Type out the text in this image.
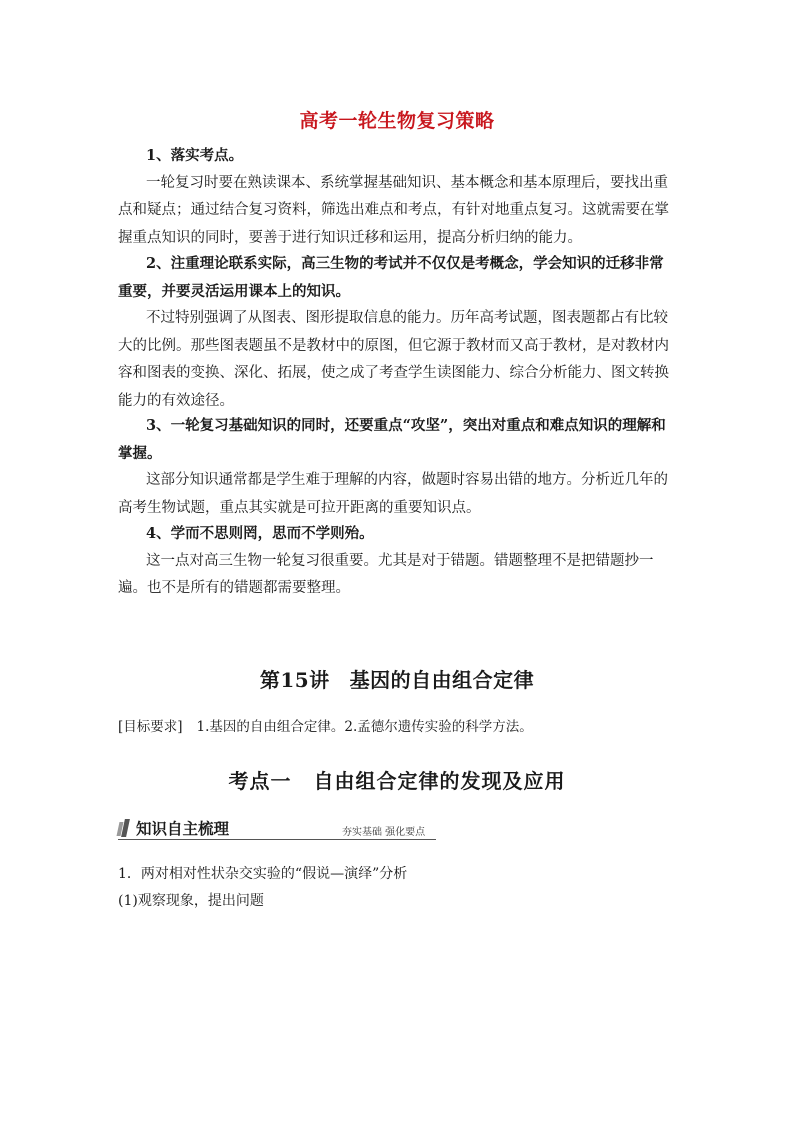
高考一轮生物复习策略

1、落实考点。

一轮复习时要在熟读课本、系统掌握基础知识、基本概念和基本原理后，要找出重点和疑点；通过结合复习资料，筛选出难点和考点，有针对地重点复习。这就需要在掌握重点知识的同时，要善于进行知识迁移和运用，提高分析归纳的能力。

2、注重理论联系实际，高三生物的考试并不仅仅是考概念，学会知识的迁移非常重要，并要灵活运用课本上的知识。

不过特别强调了从图表、图形提取信息的能力。历年高考试题，图表题都占有比较大的比例。那些图表题虽不是教材中的原图，但它源于教材而又高于教材，是对教材内容和图表的变换、深化、拓展，使之成了考查学生读图能力、综合分析能力、图文转换能力的有效途径。

3、一轮复习基础知识的同时，还要重点“攻坚”，突出对重点和难点知识的理解和掌握。

这部分知识通常都是学生难于理解的内容，做题时容易出错的地方。分析近几年的高考生物试题，重点其实就是可拉开距离的重要知识点。

4、学而不思则罔，思而不学则殆。

这一点对高三生物一轮复习很重要。尤其是对于错题。错题整理不是把错题抄一遍。也不是所有的错题都需要整理。

第15讲 基因的自由组合定律
[目标要求] 1.基因的自由组合定律。2.孟德尔遗传实验的科学方法。
考点一 自由组合定律的发现及应用
知识自主梳理	夯实基础 强化要点
1．两对相对性状杂交实验的“假说—演绎”分析
(1)观察现象，提出问题
